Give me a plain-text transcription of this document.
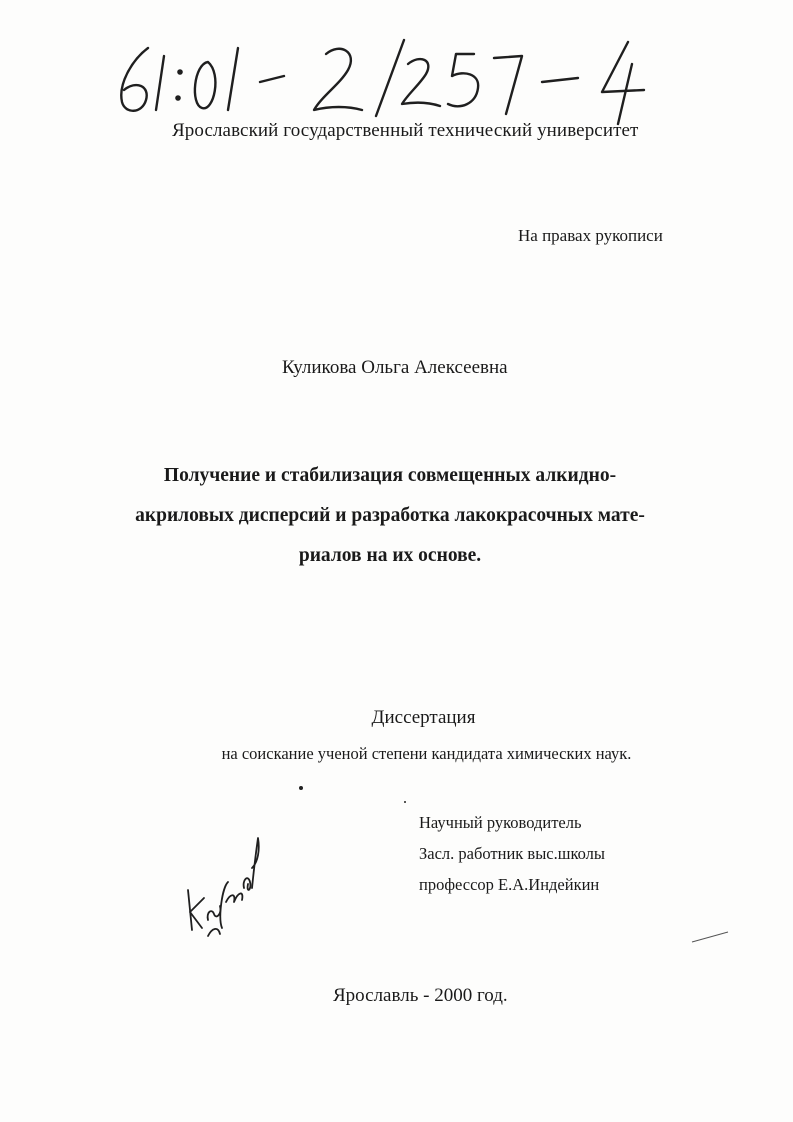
Ярославский государственный технический университет
На правах рукописи
Куликова Ольга Алексеевна
Получение и стабилизация совмещенных алкидно-
акриловых дисперсий и разработка лакокрасочных мате-
риалов на их основе.
Диссертация
на соискание ученой степени кандидата химических наук.
Научный руководитель
Засл. работник выс.школы
профессор Е.А.Индейкин
Ярославль - 2000 год.
